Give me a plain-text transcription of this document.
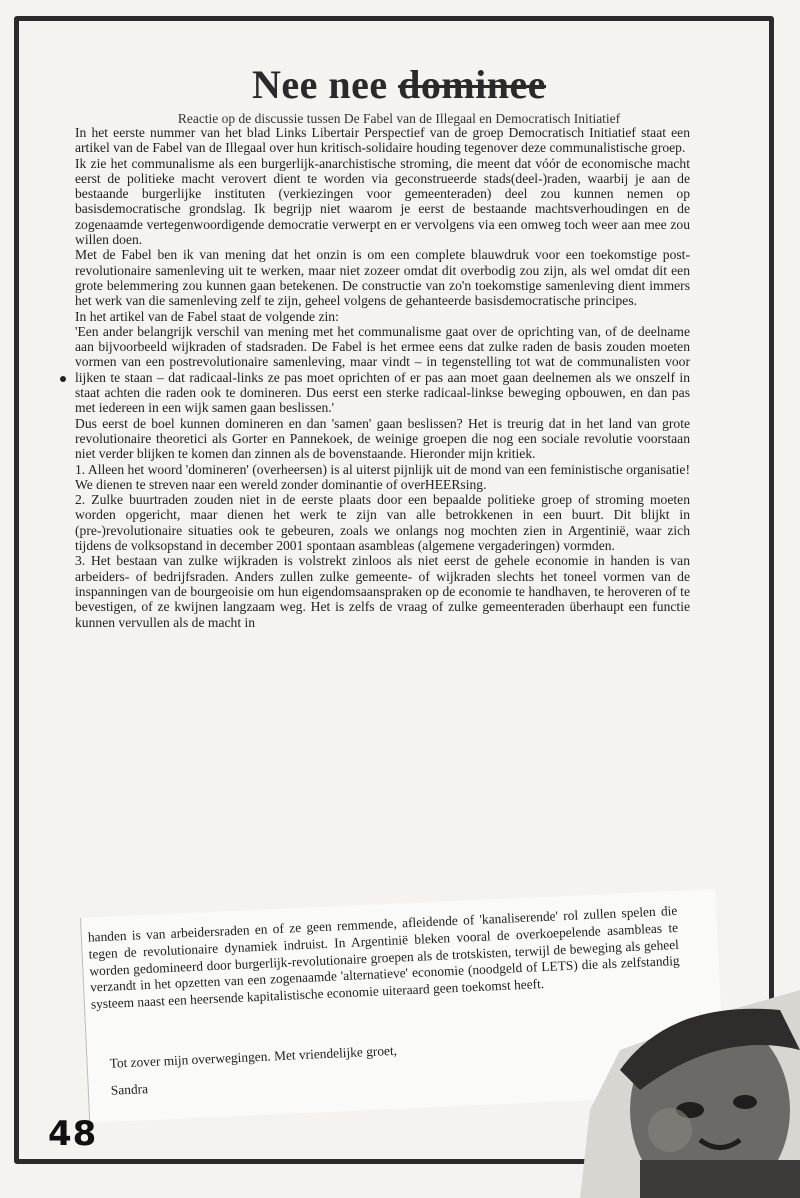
Nee nee dominee
Reactie op de discussie tussen De Fabel van de Illegaal en Democratisch Initiatief

In het eerste nummer van het blad Links Libertair Perspectief van de groep Democratisch Initiatief staat een artikel van de Fabel van de Illegaal over hun kritisch-solidaire houding tegenover deze communalistische groep.

Ik zie het communalisme als een burgerlijk-anarchistische stroming, die meent dat vóór de economische macht eerst de politieke macht verovert dient te worden via geconstrueerde stads(deel-)raden, waarbij je aan de bestaande burgerlijke instituten (verkiezingen voor gemeenteraden) deel zou kunnen nemen op basisdemocratische grondslag. Ik begrijp niet waarom je eerst de bestaande machtsverhoudingen en de zogenaamde vertegenwoordigende democratie verwerpt en er vervolgens via een omweg toch weer aan mee zou willen doen.

Met de Fabel ben ik van mening dat het onzin is om een complete blauwdruk voor een toekomstige post-revolutionaire samenleving uit te werken, maar niet zozeer omdat dit overbodig zou zijn, als wel omdat dit een grote belemmering zou kunnen gaan betekenen. De constructie van zo'n toekomstige samenleving dient immers het werk van die samenleving zelf te zijn, geheel volgens de gehanteerde basisdemocratische principes.

In het artikel van de Fabel staat de volgende zin:

'Een ander belangrijk verschil van mening met het communalisme gaat over de oprichting van, of de deelname aan bijvoorbeeld wijkraden of stadsraden. De Fabel is het ermee eens dat zulke raden de basis zouden moeten vormen van een postrevolutionaire samenleving, maar vindt – in tegenstelling tot wat de communalisten voor lijken te staan – dat radicaal-links ze pas moet oprichten of er pas aan moet gaan deelnemen als we onszelf in staat achten die raden ook te domineren. Dus eerst een sterke radicaal-linkse beweging opbouwen, en dan pas met iedereen in een wijk samen gaan beslissen.'

Dus eerst de boel kunnen domineren en dan 'samen' gaan beslissen? Het is treurig dat in het land van grote revolutionaire theoretici als Gorter en Pannekoek, de weinige groepen die nog een sociale revolutie voorstaan niet verder blijken te komen dan zinnen als de bovenstaande. Hieronder mijn kritiek.

1. Alleen het woord 'domineren' (overheersen) is al uiterst pijnlijk uit de mond van een feministische organisatie! We dienen te streven naar een wereld zonder dominantie of overHEERsing.

2. Zulke buurtraden zouden niet in de eerste plaats door een bepaalde politieke groep of stroming moeten worden opgericht, maar dienen het werk te zijn van alle betrokkenen in een buurt. Dit blijkt in (pre-)revolutionaire situaties ook te gebeuren, zoals we onlangs nog mochten zien in Argentinië, waar zich tijdens de volksopstand in december 2001 spontaan asambleas (algemene vergaderingen) vormden.

3. Het bestaan van zulke wijkraden is volstrekt zinloos als niet eerst de gehele economie in handen is van arbeiders- of bedrijfsraden. Anders zullen zulke gemeente- of wijkraden slechts het toneel vormen van de inspanningen van de bourgeoisie om hun eigendomsaanspraken op de economie te handhaven, te heroveren of te bevestigen, of ze kwijnen langzaam weg. Het is zelfs de vraag of zulke gemeenteraden überhaupt een functie kunnen vervullen als de macht in

handen is van arbeidersraden en of ze geen remmende, afleidende of 'kanaliserende' rol zullen spelen die tegen de revolutionaire dynamiek indruist. In Argentinië bleken vooral de overkoepelende asambleas te worden gedomineerd door burgerlijk-revolutionaire groepen als de trotskisten, terwijl de beweging als geheel verzandt in het opzetten van een zogenaamde 'alternatieve' economie (noodgeld of LETS) die als zelfstandig systeem naast een heersende kapitalistische economie uiteraard geen toekomst heeft.
Tot zover mijn overwegingen. Met vriendelijke groet,
Sandra
48
